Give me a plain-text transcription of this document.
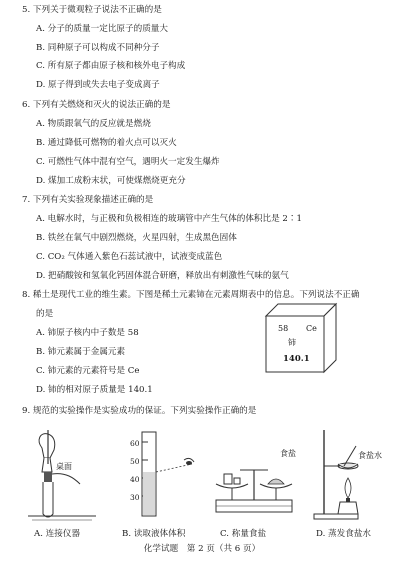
5. 下列关于微观粒子说法不正确的是
A. 分子的质量一定比原子的质量大
B. 同种原子可以构成不同种分子
C. 所有原子都由原子核和核外电子构成
D. 原子得到或失去电子变成离子
6. 下列有关燃烧和灭火的说法正确的是
A. 物质跟氧气的反应就是燃烧
B. 通过降低可燃物的着火点可以灭火
C. 可燃性气体中混有空气，遇明火一定发生爆炸
D. 煤加工成粉末状，可使煤燃烧更充分
7. 下列有关实验现象描述正确的是
A. 电解水时，与正极和负极相连的玻璃管中产生气体的体积比是 2∶1
B. 铁丝在氧气中剧烈燃烧，火星四射，生成黑色固体
C. CO₂ 气体通入紫色石蕊试液中，试液变成蓝色
D. 把硝酸铵和氢氧化钙固体混合研磨，释放出有刺激性气味的氨气
8. 稀土是现代工业的维生素。下图是稀土元素铈在元素周期表中的信息。下列说法不正确
的是
A. 铈原子核内中子数是 58
B. 铈元素属于金属元素
C. 铈元素的元素符号是 Ce
D. 铈的相对原子质量是 140.1
58 Ce
铈
140.1
9. 规范的实验操作是实验成功的保证。下列实验操作正确的是
桌面
60
50
40
30
食盐	食盐水
A. 连接仪器	B. 读取液体体积	C. 称量食盐	D. 蒸发食盐水
化学试题　第 2 页（共 6 页）
